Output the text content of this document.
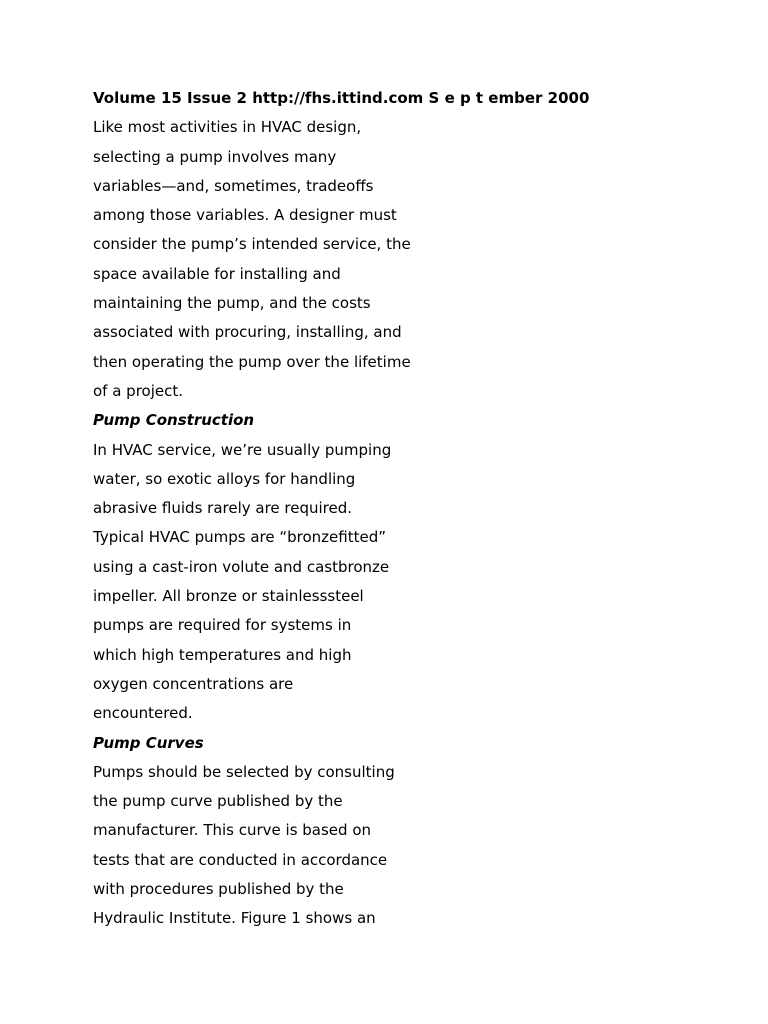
Volume 15 Issue 2 http://fhs.ittind.com S e p t ember 2000
Like most activities in HVAC design,
selecting a pump involves many
variables—and, sometimes, tradeoffs
among those variables. A designer must
consider the pump’s intended service, the
space available for installing and
maintaining the pump, and the costs
associated with procuring, installing, and
then operating the pump over the lifetime
of a project.
Pump Construction
In HVAC service, we’re usually pumping
water, so exotic alloys for handling
abrasive fluids rarely are required.
Typical HVAC pumps are “bronzefitted”
using a cast-iron volute and castbronze
impeller. All bronze or stainlesssteel
pumps are required for systems in
which high temperatures and high
oxygen concentrations are
encountered.
Pump Curves
Pumps should be selected by consulting
the pump curve published by the
manufacturer. This curve is based on
tests that are conducted in accordance
with procedures published by the
Hydraulic Institute. Figure 1 shows an
